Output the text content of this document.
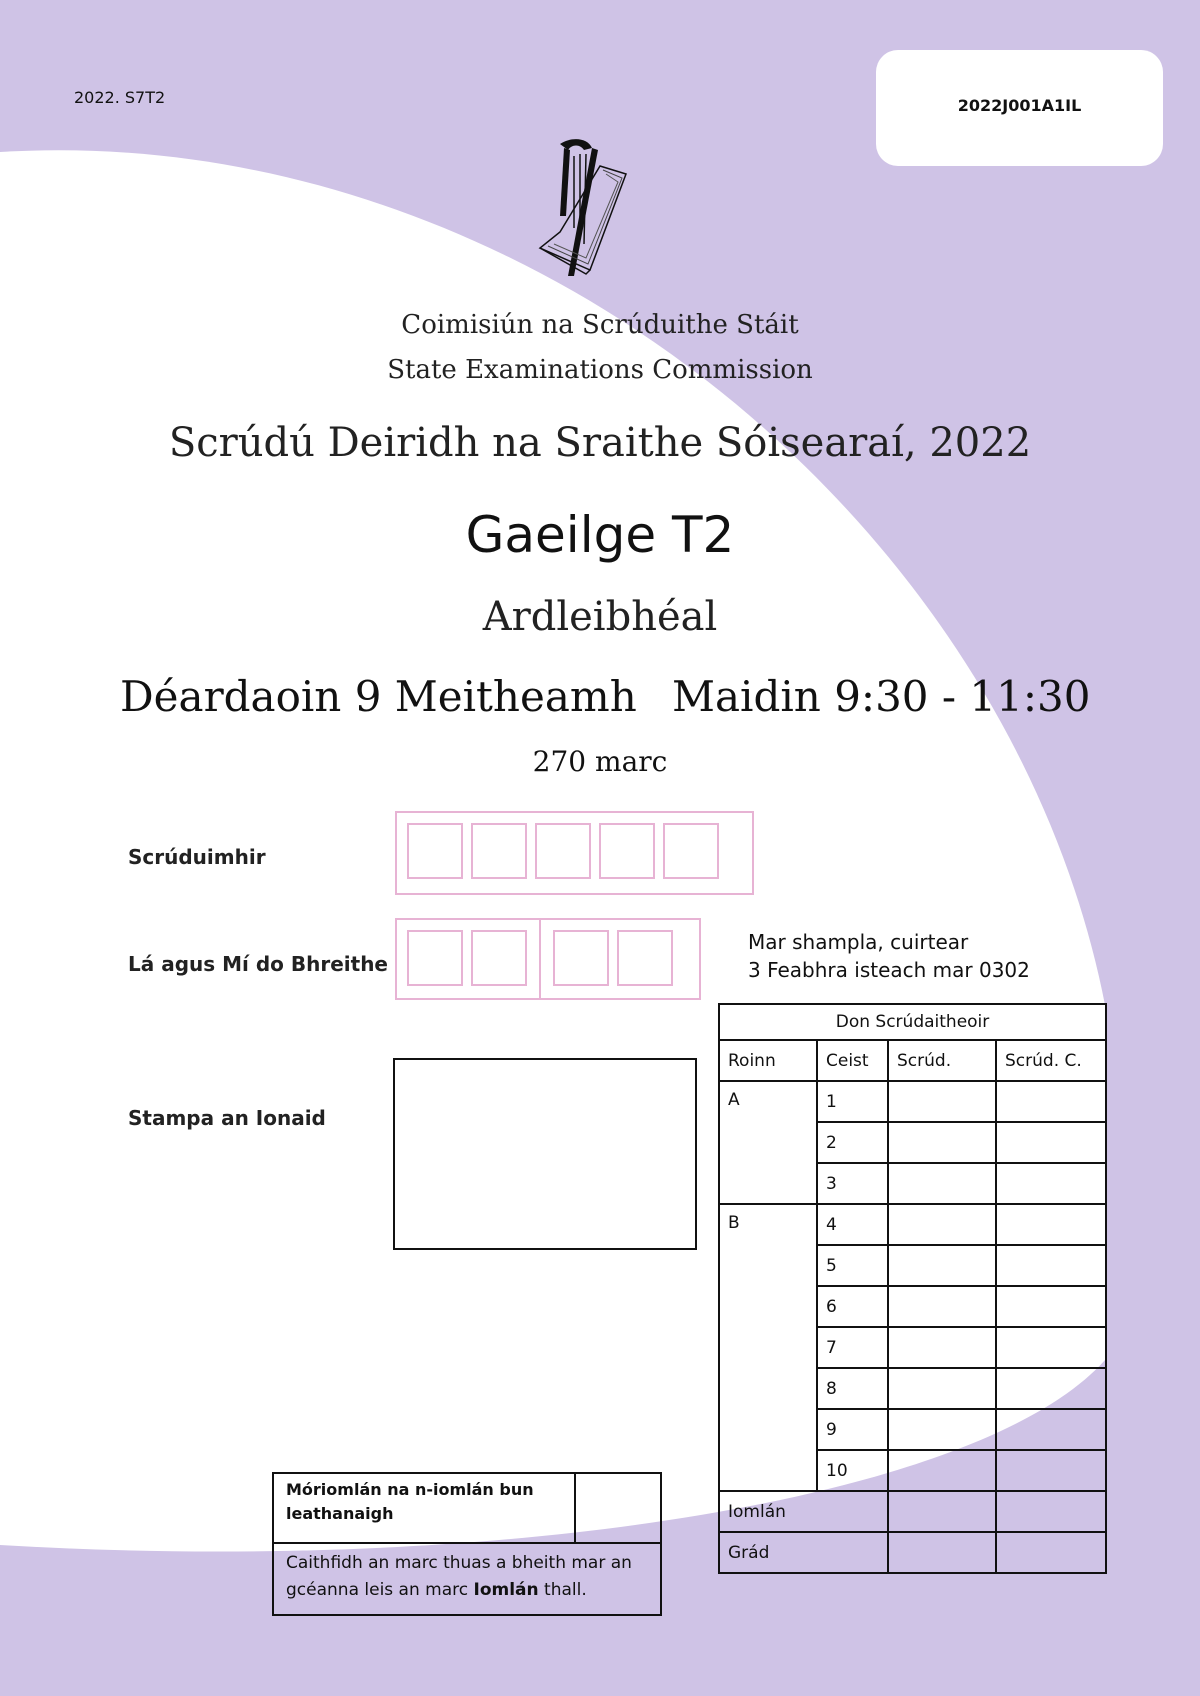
2022. S7T2	2022J001A1IL
Coimisiún na Scrúduithe Stáit
State Examinations Commission
Scrúdú Deiridh na Sraithe Sóisearaí, 2022
Gaeilge T2
Ardleibhéal
Déardaoin 9 Meitheamh Maidin 9:30 - 11:30
270 marc
Scrúduimhir
Lá agus Mí do Bhreithe
Mar shampla, cuirtear
3 Feabhra isteach mar 0302
Stampa an Ionaid
Don Scrúdaitheoir			
Roinn	Ceist	Scrúd.	Scrúd. C.
A	1		
	2		
	3		
B	4		
	5		
	6		
	7		
	8		
	9		
	10		
Iomlán			
Grád			
Móriomlán na n-iomlán bun leathanaigh	
Caithfidh an marc thuas a bheith mar an gcéanna leis an marc Iomlán thall.
